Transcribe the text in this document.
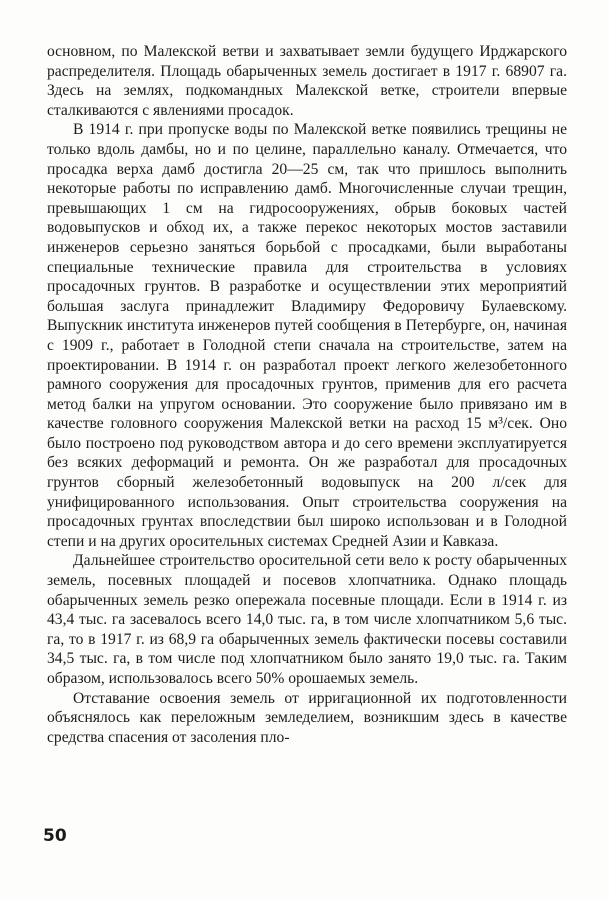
основном, по Малекской ветви и захватывает земли будущего Ирджарского распределителя. Площадь обарыченных земель достигает в 1917 г. 68907 га. Здесь на землях, подкомандных Малекской ветке, строители впервые сталкиваются с явлениями просадок.

В 1914 г. при пропуске воды по Малекской ветке появились трещины не только вдоль дамбы, но и по целине, параллельно каналу. Отмечается, что просадка верха дамб достигла 20—25 см, так что пришлось выполнить некоторые работы по исправлению дамб. Многочисленные случаи трещин, превышающих 1 см на гидросооружениях, обрыв боковых частей водовыпусков и обход их, а также перекос некоторых мостов заставили инженеров серьезно заняться борьбой с просадками, были выработаны специальные технические правила для строительства в условиях просадочных грунтов. В разработке и осуществлении этих мероприятий большая заслуга принадлежит Владимиру Федоровичу Булаевскому. Выпускник института инженеров путей сообщения в Петербурге, он, начиная с 1909 г., работает в Голодной степи сначала на строительстве, затем на проектировании. В 1914 г. он разработал проект легкого железобетонного рамного сооружения для просадочных грунтов, применив для его расчета метод балки на упругом основании. Это сооружение было привязано им в качестве головного сооружения Малекской ветки на расход 15 м³/сек. Оно было построено под руководством автора и до сего времени эксплуатируется без всяких деформаций и ремонта. Он же разработал для просадочных грунтов сборный железобетонный водовыпуск на 200 л/сек для унифицированного использования. Опыт строительства сооружения на просадочных грунтах впоследствии был широко использован и в Голодной степи и на других оросительных системах Средней Азии и Кавказа.

Дальнейшее строительство оросительной сети вело к росту обарыченных земель, посевных площадей и посевов хлопчатника. Однако площадь обарыченных земель резко опережала посевные площади. Если в 1914 г. из 43,4 тыс. га засевалось всего 14,0 тыс. га, в том числе хлопчатником 5,6 тыс. га, то в 1917 г. из 68,9 га обарыченных земель фактически посевы составили 34,5 тыс. га, в том числе под хлопчатником было занято 19,0 тыс. га. Таким образом, использовалось всего 50% орошаемых земель.

Отставание освоения земель от ирригационной их подготовленности объяснялось как переложным земледелием, возникшим здесь в качестве средства спасения от засоления пло-

50
